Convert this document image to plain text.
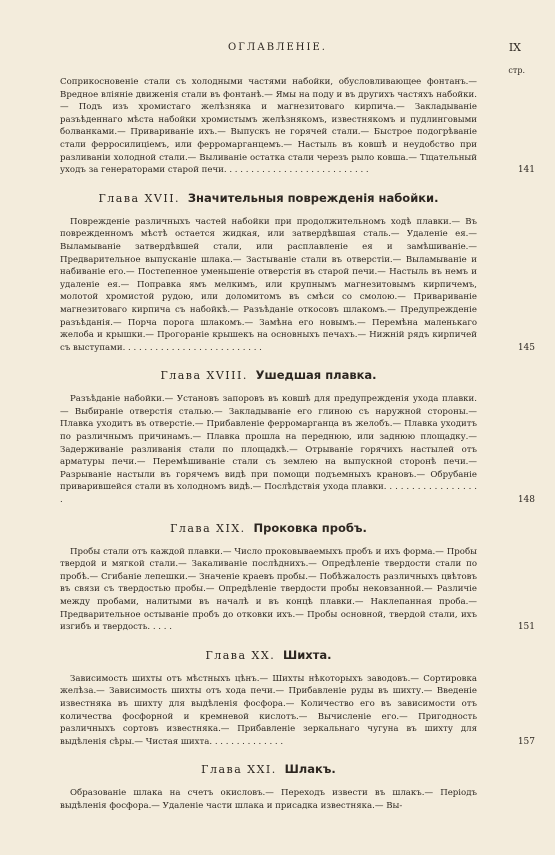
ОГЛАВЛЕНІЕ.	IX
стр.

Соприкосновеніе стали съ холодными частями набойки, обусловливающее фонтанъ.— Вредное вліяніе движенія стали въ фонтанѣ.— Ямы на поду и въ другихъ частяхъ набойки.— Подъ изъ хромистаго желѣзняка и магнезитоваго кирпича.— Закладываніе разъѣденнаго мѣста набойки хромистымъ желѣзнякомъ, известнякомъ и пудлинговыми болванками.— Привариваніе ихъ.— Выпускъ не горячей стали.— Быстрое подогрѣваніе стали ферросилиціемъ, или ферромарганцемъ.— Настыль въ ковшѣ и неудобство при разливаніи холодной стали.— Выливаніе остатка стали черезъ рыло ковша.— Тщательный уходъ за генераторами старой печи. . . . . . . . . . . . . . . . . . . . . . . . . . .	141

Глава XVII. Значительныя поврежденія набойки.

Поврежденіе различныхъ частей набойки при продолжительномъ ходѣ плавки.— Въ поврежденномъ мѣстѣ остается жидкая, или затвердѣвшая сталь.— Удаленіе ея.— Выламываніе затвердѣвшей стали, или расплавленіе ея и замѣшиваніе.— Предварительное выпусканіе шлака.— Застываніе стали въ отверстіи.— Выламываніе и набиваніе его.— Постепенное уменьшеніе отверстія въ старой печи.— Настыль въ немъ и удаленіе ея.— Поправка ямъ мелкимъ, или крупнымъ магнезитовымъ кирпичемъ, молотой хромистой рудою, или доломитомъ въ смѣси со смолою.— Привариваніе магнезитоваго кирпича съ набойкѣ.— Разъѣданіе откосовъ шлакомъ.— Предупрежденіе разъѣданія.— Порча порога шлакомъ.— Замѣна его новымъ.— Перемѣна маленькаго желоба и крышки.— Прогораніе крышекъ на основныхъ печахъ.— Нижній рядъ кирпичей съ выступами. . . . . . . . . . . . . . . . . . . . . . . . . .	145

Глава XVIII. Ушедшая плавка.

Разъѣданіе набойки.— Установъ запоровъ въ ковшѣ для предупрежденія ухода плавки.— Выбираніе отверстія сталью.— Закладываніе его глиною съ наружной стороны.— Плавка уходитъ въ отверстіе.— Прибавленіе ферромарганца въ желобъ.— Плавка уходитъ по различнымъ причинамъ.— Плавка прошла на переднюю, или заднюю площадку.— Задерживаніе разливанія стали по площадкѣ.— Отрываніе горячихъ настылей отъ арматуры печи.— Перемѣшиваніе стали съ землею на выпускной сторонѣ печи.— Разрываніе настыли въ горячемъ видѣ при помощи подъемныхъ крановъ.— Обрубаніе приварившейся стали въ холодномъ видѣ.— Послѣдствія ухода плавки. . . . . . . . . . . . . . . . . .	148

Глава XIX. Проковка пробъ.

Пробы стали отъ каждой плавки.— Число проковываемыхъ пробъ и ихъ форма.— Пробы твердой и мягкой стали.— Закаливаніе послѣднихъ.— Опредѣленіе твердости стали по пробѣ.— Сгибаніе лепешки.— Значеніе краевъ пробы.— Побѣжалость различныхъ цвѣтовъ въ связи съ твердостью пробы.— Опредѣленіе твердости пробы нековзанной.— Различіе между пробами, налитыми въ началѣ и въ концѣ плавки.— Наклепанная проба.— Предварительное остываніе пробъ до отковки ихъ.— Пробы основной, твердой стали, ихъ изгибъ и твердость. . . . .	151

Глава XX. Шихта.

Зависимость шихты отъ мѣстныхъ цѣнъ.— Шихты нѣкоторыхъ заводовъ.— Сортировка желѣза.— Зависимость шихты отъ хода печи.— Прибавленіе руды въ шихту.— Введеніе известняка въ шихту для выдѣленія фосфора.— Количество его въ зависимости отъ количества фосфорной и кремневой кислотъ.— Вычисленіе его.— Пригодность различныхъ сортовъ известняка.— Прибавленіе зеркальнаго чугуна въ шихту для выдѣленія сѣры.— Чистая шихта. . . . . . . . . . . . . .	157

Глава XXI. Шлакъ.

Образованіе шлака на счетъ окисловъ.— Переходъ извести въ шлакъ.— Періодъ выдѣленія фосфора.— Удаленіе части шлака и присадка известняка.— Вы-
